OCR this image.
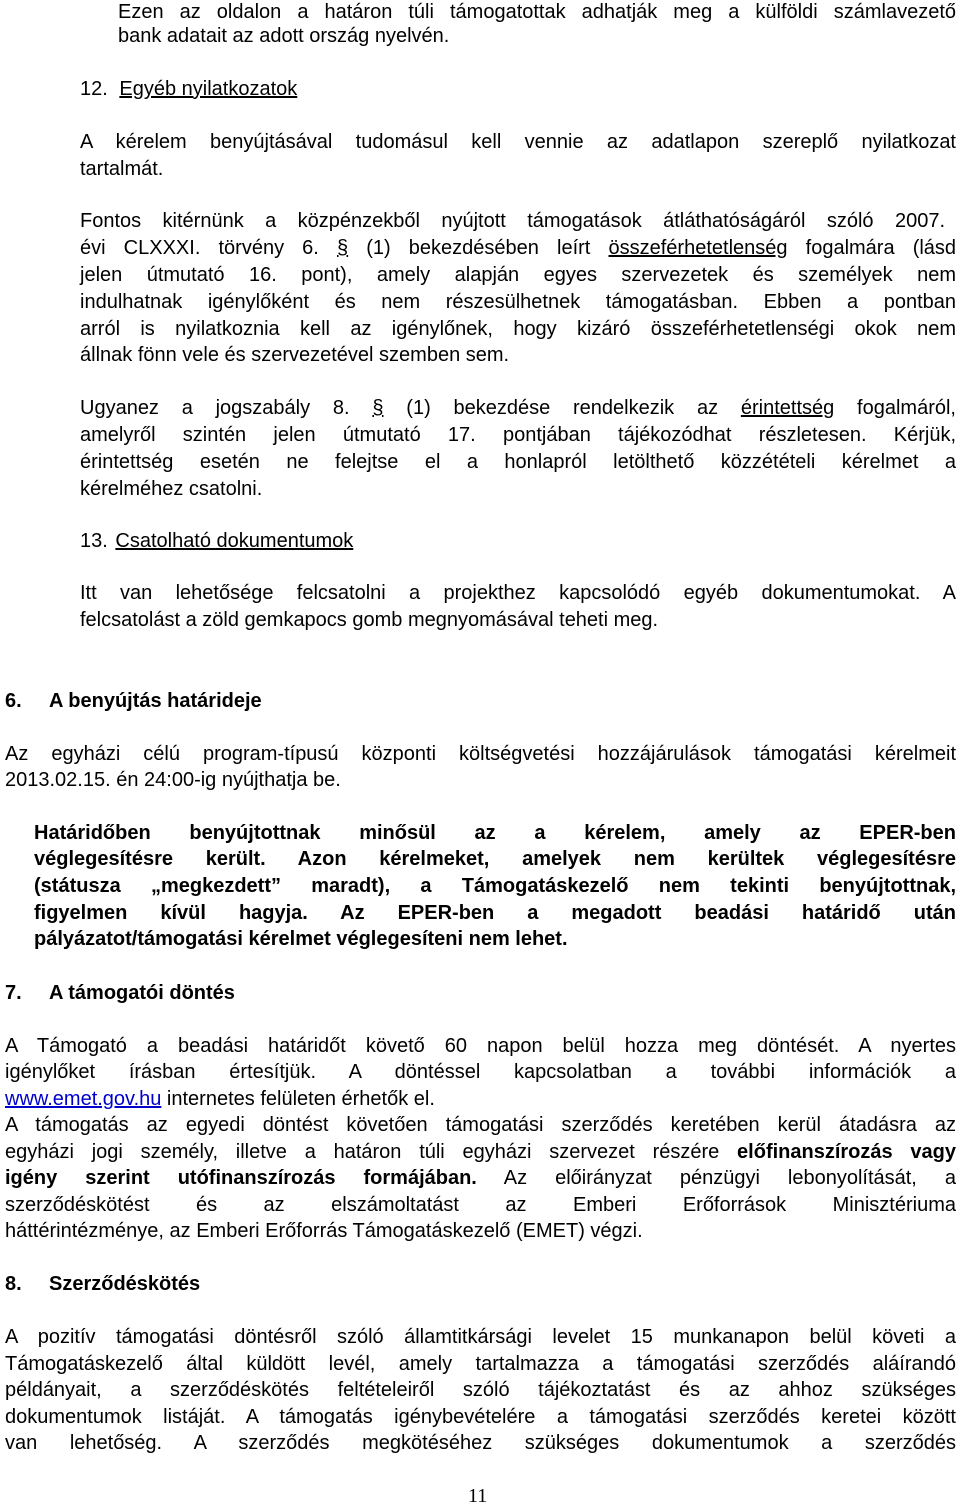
Ezen az oldalon a határon túli támogatottak adhatják meg a külföldi számlavezető

bank adatait az adott ország nyelvén.

12. Egyéb nyilatkozatok

A kérelem benyújtásával tudomásul kell vennie az adatlapon szereplő nyilatkozat

tartalmát.

Fontos kitérnünk a közpénzekből nyújtott támogatások átláthatóságáról szóló 2007.

évi CLXXXI. törvény 6. § (1) bekezdésében leírt összeférhetetlenség fogalmára (lásd

jelen útmutató 16. pont), amely alapján egyes szervezetek és személyek nem

indulhatnak igénylőként és nem részesülhetnek támogatásban. Ebben a pontban

arról is nyilatkoznia kell az igénylőnek, hogy kizáró összeférhetetlenségi okok nem

állnak fönn vele és szervezetével szemben sem.

Ugyanez a jogszabály 8. § (1) bekezdése rendelkezik az érintettség fogalmáról,

amelyről szintén jelen útmutató 17. pontjában tájékozódhat részletesen. Kérjük,

érintettség esetén ne felejtse el a honlapról letölthető közzétételi kérelmet a

kérelméhez csatolni.

13. Csatolható dokumentumok

Itt van lehetősége felcsatolni a projekthez kapcsolódó egyéb dokumentumokat. A

felcsatolást a zöld gemkapocs gomb megnyomásával teheti meg.

6. A benyújtás határideje

Az egyházi célú program-típusú központi költségvetési hozzájárulások támogatási kérelmeit

2013.02.15. én 24:00-ig nyújthatja be.

Határidőben benyújtottnak minősül az a kérelem, amely az EPER-ben

véglegesítésre került. Azon kérelmeket, amelyek nem kerültek véglegesítésre

(státusza „megkezdett” maradt), a Támogatáskezelő nem tekinti benyújtottnak,

figyelmen kívül hagyja. Az EPER-ben a megadott beadási határidő után

pályázatot/támogatási kérelmet véglegesíteni nem lehet.

7. A támogatói döntés

A Támogató a beadási határidőt követő 60 napon belül hozza meg döntését. A nyertes

igénylőket írásban értesítjük. A döntéssel kapcsolatban a további információk a

www.emet.gov.hu internetes felületen érhetők el.

A támogatás az egyedi döntést követően támogatási szerződés keretében kerül átadásra az

egyházi jogi személy, illetve a határon túli egyházi szervezet részére előfinanszírozás vagy

igény szerint utófinanszírozás formájában. Az előirányzat pénzügyi lebonyolítását, a

szerződéskötést és az elszámoltatást az Emberi Erőforrások Minisztériuma

háttérintézménye, az Emberi Erőforrás Támogatáskezelő (EMET) végzi.

8. Szerződéskötés

A pozitív támogatási döntésről szóló államtitkársági levelet 15 munkanapon belül követi a

Támogatáskezelő által küldött levél, amely tartalmazza a támogatási szerződés aláírandó

példányait, a szerződéskötés feltételeiről szóló tájékoztatást és az ahhoz szükséges

dokumentumok listáját. A támogatás igénybevételére a támogatási szerződés keretei között

van lehetőség. A szerződés megkötéséhez szükséges dokumentumok a szerződés

11
